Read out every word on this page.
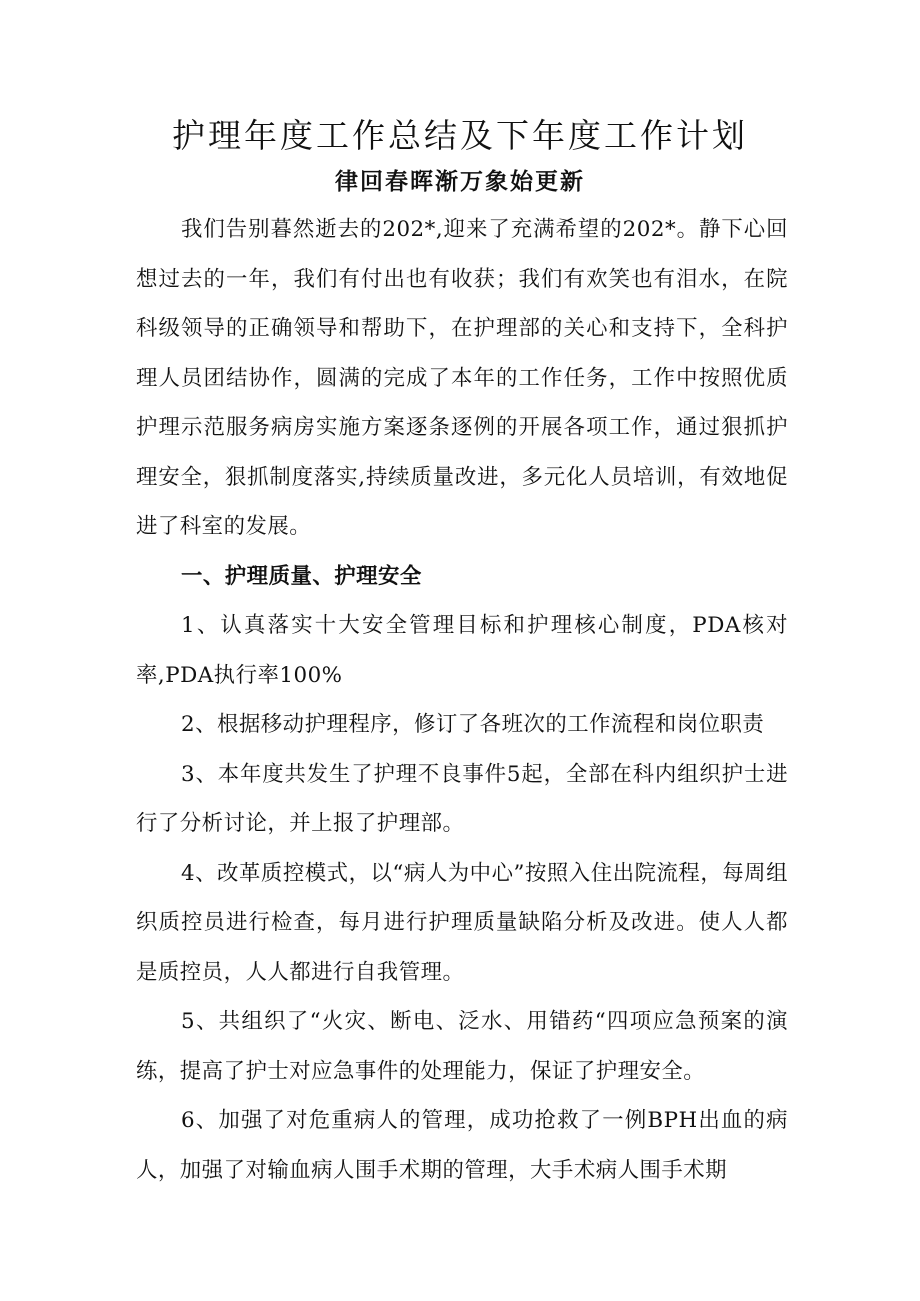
护理年度工作总结及下年度工作计划
律回春晖渐万象始更新

我们告别暮然逝去的202*,迎来了充满希望的202*。静下心回想过去的一年，我们有付出也有收获；我们有欢笑也有泪水，在院科级领导的正确领导和帮助下，在护理部的关心和支持下，全科护理人员团结协作，圆满的完成了本年的工作任务，工作中按照优质护理示范服务病房实施方案逐条逐例的开展各项工作，通过狠抓护理安全，狠抓制度落实,持续质量改进，多元化人员培训，有效地促进了科室的发展。

一、护理质量、护理安全

1、认真落实十大安全管理目标和护理核心制度，PDA核对率,PDA执行率100%

2、根据移动护理程序，修订了各班次的工作流程和岗位职责

3、本年度共发生了护理不良事件5起，全部在科内组织护士进行了分析讨论，并上报了护理部。

4、改革质控模式，以“病人为中心”按照入住出院流程，每周组织质控员进行检查，每月进行护理质量缺陷分析及改进。使人人都是质控员，人人都进行自我管理。

5、共组织了“火灾、断电、泛水、用错药“四项应急预案的演练，提高了护士对应急事件的处理能力，保证了护理安全。

6、加强了对危重病人的管理，成功抢救了一例BPH出血的病人，加强了对输血病人围手术期的管理，大手术病人围手术期
